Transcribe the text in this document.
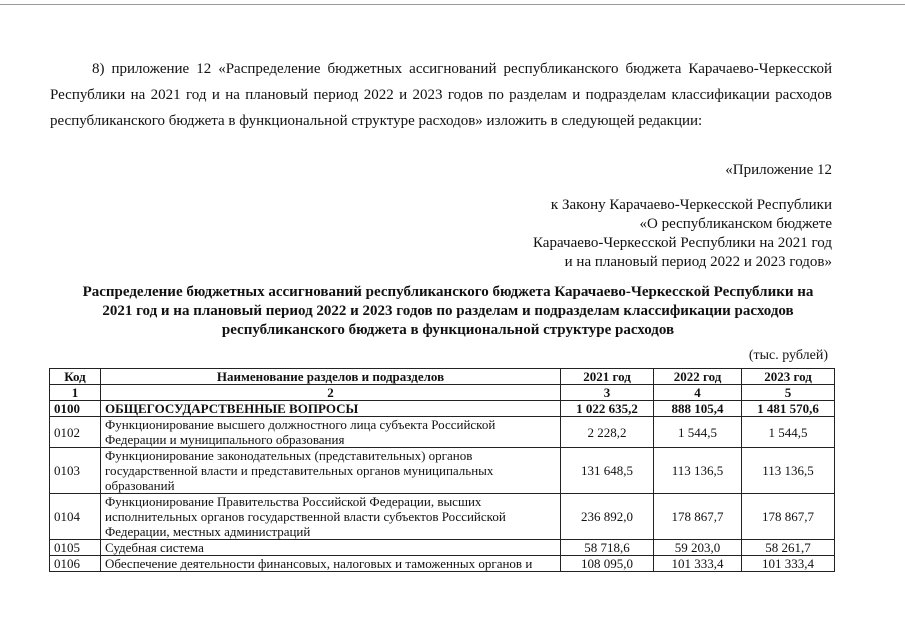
8) приложение 12 «Распределение бюджетных ассигнований республиканского бюджета Карачаево-Черкесской Республики на 2021 год и на плановый период 2022 и 2023 годов по разделам и подразделам классификации расходов республиканского бюджета в функциональной структуре расходов» изложить в следующей редакции:

«Приложение 12
к Закону Карачаево-Черкесской Республики
«О республиканском бюджете
Карачаево-Черкесской Республики на 2021 год
и на плановый период 2022 и 2023 годов»
Распределение бюджетных ассигнований республиканского бюджета Карачаево-Черкесской Республики на
2021 год и на плановый период 2022 и 2023 годов по разделам и подразделам классификации расходов
республиканского бюджета в функциональной структуре расходов
(тыс. рублей)
Код	Наименование разделов и подразделов	2021 год	2022 год	2023 год
1	2	3	4	5
0100	ОБЩЕГОСУДАРСТВЕННЫЕ ВОПРОСЫ	1 022 635,2	888 105,4	1 481 570,6
0102	Функционирование высшего должностного лица субъекта Российской Федерации и муниципального образования	2 228,2	1 544,5	1 544,5
0103	Функционирование законодательных (представительных) органов государственной власти и представительных органов муниципальных образований	131 648,5	113 136,5	113 136,5
0104	Функционирование Правительства Российской Федерации, высших исполнительных органов государственной власти субъектов Российской Федерации, местных администраций	236 892,0	178 867,7	178 867,7
0105	Судебная система	58 718,6	59 203,0	58 261,7
0106	Обеспечение деятельности финансовых, налоговых и таможенных органов и	108 095,0	101 333,4	101 333,4
